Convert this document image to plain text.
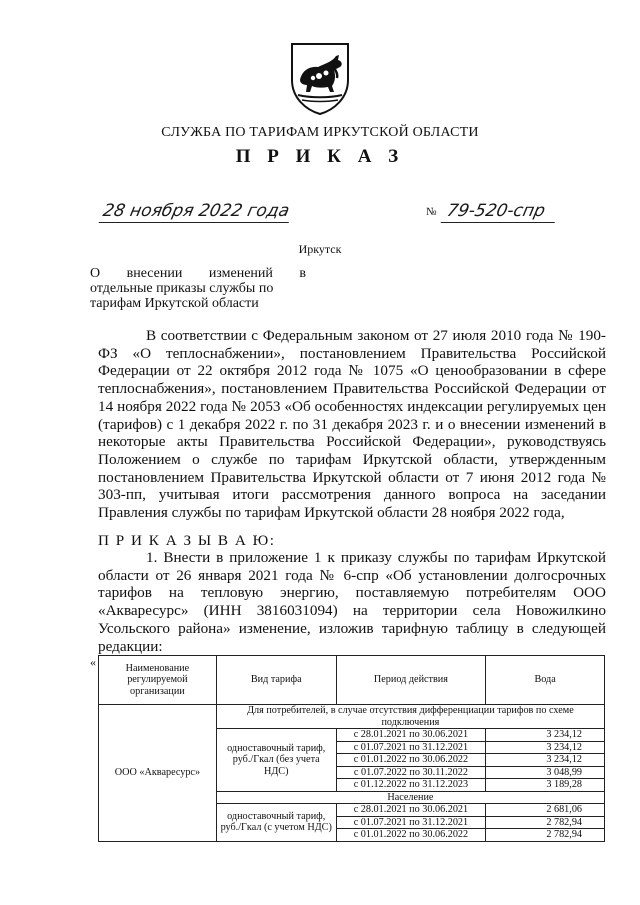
СЛУЖБА ПО ТАРИФАМ ИРКУТСКОЙ ОБЛАСТИ
П Р И К А З
28 ноября 2022 года	№ 79-520-спр
Иркутск
О внесении изменений в
отдельные приказы службы по
тарифам Иркутской области
В соответствии с Федеральным законом от 27 июля 2010 года № 190-ФЗ «О теплоснабжении», постановлением Правительства Российской Федерации от 22 октября 2012 года № 1075 «О ценообразовании в сфере теплоснабжения», постановлением Правительства Российской Федерации от 14 ноября 2022 года № 2053 «Об особенностях индексации регулируемых цен (тарифов) с 1 декабря 2022 г. по 31 декабря 2023 г. и о внесении изменений в некоторые акты Правительства Российской Федерации», руководствуясь Положением о службе по тарифам Иркутской области, утвержденным постановлением Правительства Иркутской области от 7 июня 2012 года № 303-пп, учитывая итоги рассмотрения данного вопроса на заседании Правления службы по тарифам Иркутской области 28 ноября 2022 года,
П Р И К А З Ы В А Ю:
1. Внести в приложение 1 к приказу службы по тарифам Иркутской области от 26 января 2021 года № 6-спр «Об установлении долгосрочных тарифов на тепловую энергию, поставляемую потребителям ООО «Акваресурс» (ИНН 3816031094) на территории села Новожилкино Усольского района» изменение, изложив тарифную таблицу в следующей редакции:
«	Наименование регулируемой организации	Вид тарифа	Период действия	Вода
ООО «Акваресурс»	Для потребителей, в случае отсутствия дифференциации тарифов по схеме подключения		
	одноставочный тариф, руб./Гкал (без учета НДС)	с 28.01.2021 по 30.06.2021	3 234,12
		с 01.07.2021 по 31.12.2021	3 234,12
		с 01.01.2022 по 30.06.2022	3 234,12
		с 01.07.2022 по 30.11.2022	3 048,99
		с 01.12.2022 по 31.12.2023	3 189,28
	Население		
	одноставочный тариф, руб./Гкал (с учетом НДС)	с 28.01.2021 по 30.06.2021	2 681,06
		с 01.07.2021 по 31.12.2021	2 782,94
		с 01.01.2022 по 30.06.2022	2 782,94
